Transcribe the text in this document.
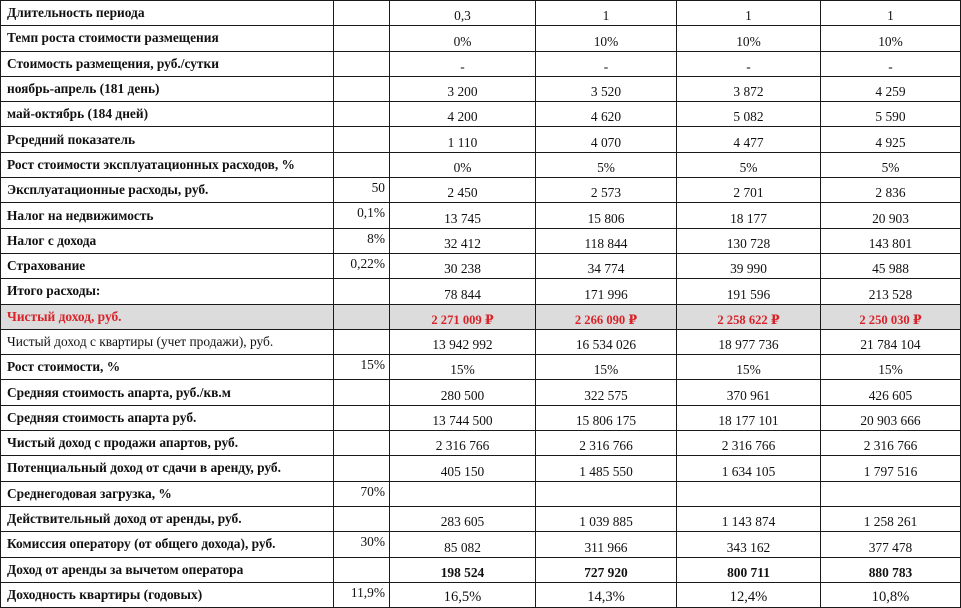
Длительность периода		0,3	1	1	1
Темп роста стоимости размещения		0%	10%	10%	10%
Стоимость размещения, руб./сутки		-	-	-	-
ноябрь-апрель (181 день)		3 200	3 520	3 872	4 259
май-октябрь (184 дней)		4 200	4 620	5 082	5 590
Рсредний показатель		1 110	4 070	4 477	4 925
Рост стоимости эксплуатационных расходов, %		0%	5%	5%	5%
Эксплуатационные расходы, руб.	50	2 450	2 573	2 701	2 836
Налог на недвижимость	0,1%	13 745	15 806	18 177	20 903
Налог с дохода	8%	32 412	118 844	130 728	143 801
Страхование	0,22%	30 238	34 774	39 990	45 988
Итого расходы:		78 844	171 996	191 596	213 528
Чистый доход, руб.		2 271 009 ₽	2 266 090 ₽	2 258 622 ₽	2 250 030 ₽
Чистый доход с квартиры (учет продажи), руб.		13 942 992	16 534 026	18 977 736	21 784 104
Рост стоимости, %	15%	15%	15%	15%	15%
Средняя стоимость апарта, руб./кв.м		280 500	322 575	370 961	426 605
Средняя стоимость апарта руб.		13 744 500	15 806 175	18 177 101	20 903 666
Чистый доход с продажи апартов, руб.		2 316 766	2 316 766	2 316 766	2 316 766
Потенциальный доход от сдачи в аренду, руб.		405 150	1 485 550	1 634 105	1 797 516
Среднегодовая загрузка, %	70%				
Действительный доход от аренды, руб.		283 605	1 039 885	1 143 874	1 258 261
Комиссия оператору (от общего дохода), руб.	30%	85 082	311 966	343 162	377 478
Доход от аренды за вычетом оператора		198 524	727 920	800 711	880 783
Доходность квартиры (годовых)	11,9%	16,5%	14,3%	12,4%	10,8%
